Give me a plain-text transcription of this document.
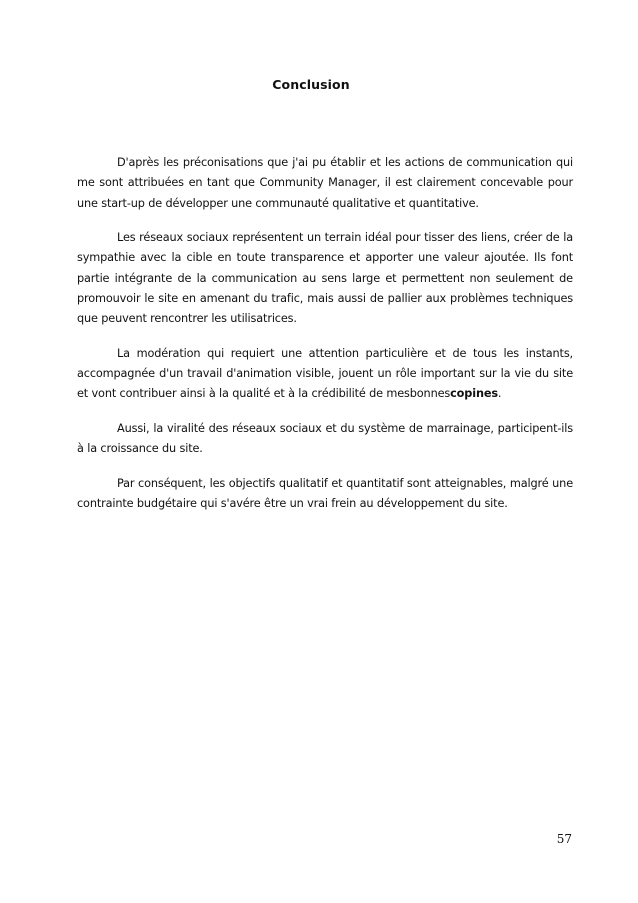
Conclusion

D'après les préconisations que j'ai pu établir et les actions de communication qui me sont attribuées en tant que Community Manager, il est clairement concevable pour une start-up de développer une communauté qualitative et quantitative.

Les réseaux sociaux représentent un terrain idéal pour tisser des liens, créer de la sympathie avec la cible en toute transparence et apporter une valeur ajoutée. Ils font partie intégrante de la communication au sens large et permettent non seulement de promouvoir le site en amenant du trafic, mais aussi de pallier aux problèmes techniques que peuvent rencontrer les utilisatrices.

La modération qui requiert une attention particulière et de tous les instants, accompagnée d'un travail d'animation visible, jouent un rôle important sur la vie du site et vont contribuer ainsi à la qualité et à la crédibilité de mesbonnescopines.

Aussi, la viralité des réseaux sociaux et du système de marrainage, participent-ils à la croissance du site.

Par conséquent, les objectifs qualitatif et quantitatif sont atteignables, malgré une contrainte budgétaire qui s'avére être un vrai frein au développement du site.

57
